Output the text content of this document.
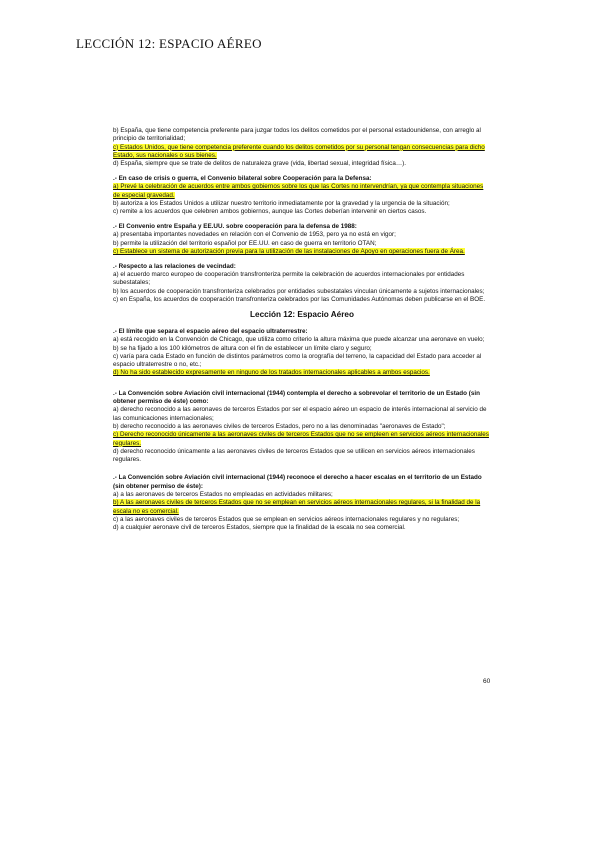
LECCIÓN 12: ESPACIO AÉREO

b) España, que tiene competencia preferente para juzgar todos los delitos cometidos por el personal estadounidense, con arreglo al principio de territorialidad;

c) Estados Unidos, que tiene competencia preferente cuando los delitos cometidos por su personal tengan consecuencias para dicho Estado, sus nacionales o sus bienes.

d) España, siempre que se trate de delitos de naturaleza grave (vida, libertad sexual, integridad física…).

.- En caso de crisis o guerra, el Convenio bilateral sobre Cooperación para la Defensa:

a) Prevé la celebración de acuerdos entre ambos gobiernos sobre los que las Cortes no intervendrían, ya que contempla situaciones de especial gravedad.

b) autoriza a los Estados Unidos a utilizar nuestro territorio inmediatamente por la gravedad y la urgencia de la situación;

c) remite a los acuerdos que celebren ambos gobiernos, aunque las Cortes deberían intervenir en ciertos casos.

.- El Convenio entre España y EE.UU. sobre cooperación para la defensa de 1988:

a) presentaba importantes novedades en relación con el Convenio de 1953, pero ya no está en vigor;

b) permite la utilización del territorio español por EE.UU. en caso de guerra en territorio OTAN;

c) Establece un sistema de autorización previa para la utilización de las instalaciones de Apoyo en operaciones fuera de Área.

.- Respecto a las relaciones de vecindad:

a) el acuerdo marco europeo de cooperación transfronteriza permite la celebración de acuerdos internacionales por entidades subestatales;

b) los acuerdos de cooperación transfronteriza celebrados por entidades subestatales vinculan únicamente a sujetos internacionales;

c) en España, los acuerdos de cooperación transfronteriza celebrados por las Comunidades Autónomas deben publicarse en el BOE.

Lección 12: Espacio Aéreo

.- El límite que separa el espacio aéreo del espacio ultraterrestre:

a) está recogido en la Convención de Chicago, que utiliza como criterio la altura máxima que puede alcanzar una aeronave en vuelo;

b) se ha fijado a los 100 kilómetros de altura con el fin de establecer un límite claro y seguro;

c) varía para cada Estado en función de distintos parámetros como la orografía del terreno, la capacidad del Estado para acceder al espacio ultraterrestre o no, etc.;

d) No ha sido establecido expresamente en ninguno de los tratados internacionales aplicables a ambos espacios.

.- La Convención sobre Aviación civil internacional (1944) contempla el derecho a sobrevolar el territorio de un Estado (sin obtener permiso de éste) como:

a) derecho reconocido a las aeronaves de terceros Estados por ser el espacio aéreo un espacio de interés internacional al servicio de las comunicaciones internacionales;

b) derecho reconocido a las aeronaves civiles de terceros Estados, pero no a las denominadas "aeronaves de Estado";

c) Derecho reconocido únicamente a las aeronaves civiles de terceros Estados que no se empleen en servicios aéreos internacionales regulares.

d) derecho reconocido únicamente a las aeronaves civiles de terceros Estados que se utilicen en servicios aéreos internacionales regulares.

.- La Convención sobre Aviación civil internacional (1944) reconoce el derecho a hacer escalas en el territorio de un Estado (sin obtener permiso de éste):

a) a las aeronaves de terceros Estados no empleadas en actividades militares;

b) A las aeronaves civiles de terceros Estados que no se emplean en servicios aéreos internacionales regulares, si la finalidad de la escala no es comercial.

c) a las aeronaves civiles de terceros Estados que se emplean en servicios aéreos internacionales regulares y no regulares;

d) a cualquier aeronave civil de terceros Estados, siempre que la finalidad de la escala no sea comercial.

60
